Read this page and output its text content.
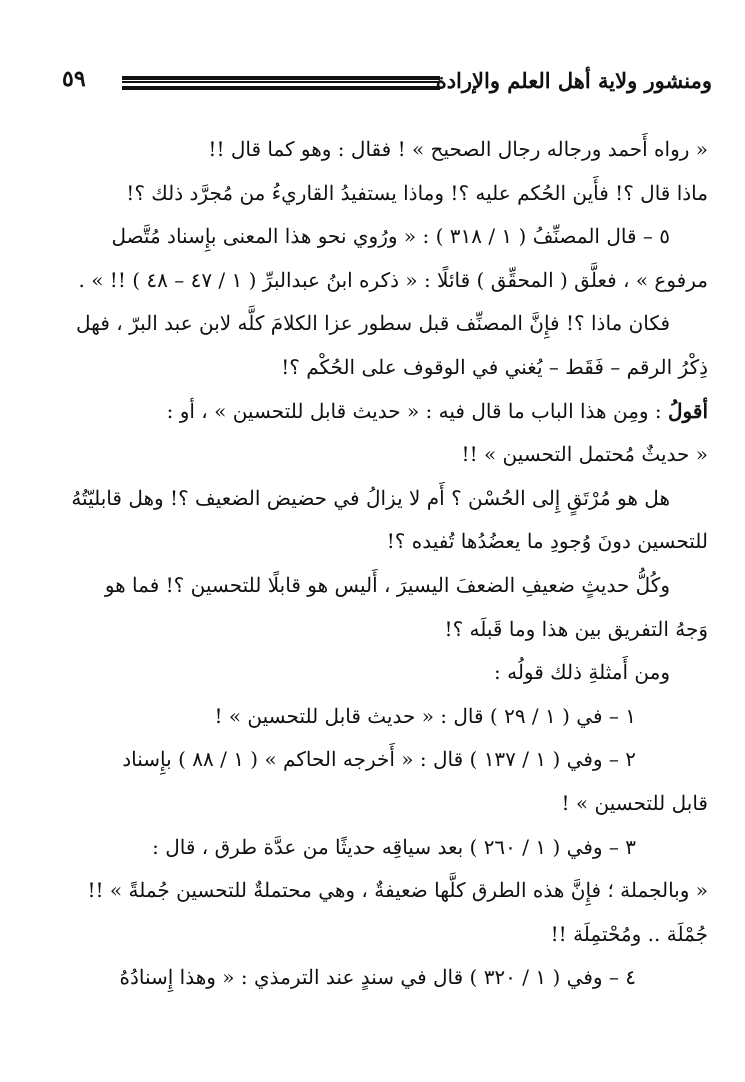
ومنشور ولاية أهل العلم والإرادة
٥٩
« رواه أَحمد ورجاله رجال الصحيح » ! فقال : وهو كما قال !!
ماذا قال ؟! فأَين الحُكم عليه ؟! وماذا يستفيدُ القاريءُ من مُجرَّد ذلك ؟!
٥ – قال المصنِّفُ ( ١ / ٣١٨ ) : « ورُوي نحو هذا المعنى بإِسناد مُتَّصل
مرفوع » ، فعلَّق ( المحقِّق ) قائلًا : « ذكره ابنُ عبدالبرِّ ( ١ / ٤٧ – ٤٨ ) !! » .
فكان ماذا ؟! فإِنَّ المصنِّف قبل سطور عزا الكلامَ كلَّه لابن عبد البرّ ، فهل
ذِكْرُ الرقم – فَقَط – يُغني في الوقوف على الحُكْم ؟!
أقولُ : ومِن هذا الباب ما قال فيه : « حديث قابل للتحسين » ، أو :
« حديثٌ مُحتمل التحسين » !!
هل هو مُرْتَقٍ إِلى الحُسْن ؟ أَم لا يزالُ في حضيض الضعيف ؟! وهل قابليّتُهُ
للتحسين دونَ وُجودِ ما يعضُدُها تُفيده ؟!
وكُلُّ حديثٍ ضعيفِ الضعفَ اليسيرَ ، أَليس هو قابلًا للتحسين ؟! فما هو
وَجهُ التفريق بين هذا وما قَبلَه ؟!
ومن أَمثلةِ ذلك قولُه :
١ – في ( ١ / ٢٩ ) قال : « حديث قابل للتحسين » !
٢ – وفي ( ١ / ١٣٧ ) قال : « أَخرجه الحاكم » ( ١ / ٨٨ ) بإِسناد
قابل للتحسين » !
٣ – وفي ( ١ / ٢٦٠ ) بعد سياقِه حديثًا من عدَّة طرق ، قال :
« وبالجملة ؛ فإِنَّ هذه الطرق كلَّها ضعيفةٌ ، وهي محتملةٌ للتحسين جُملةً » !!
جُمْلَة .. ومُحْتمِلَة !!
٤ – وفي ( ١ / ٣٢٠ ) قال في سندٍ عند الترمذي : « وهذا إِسنادُهُ
